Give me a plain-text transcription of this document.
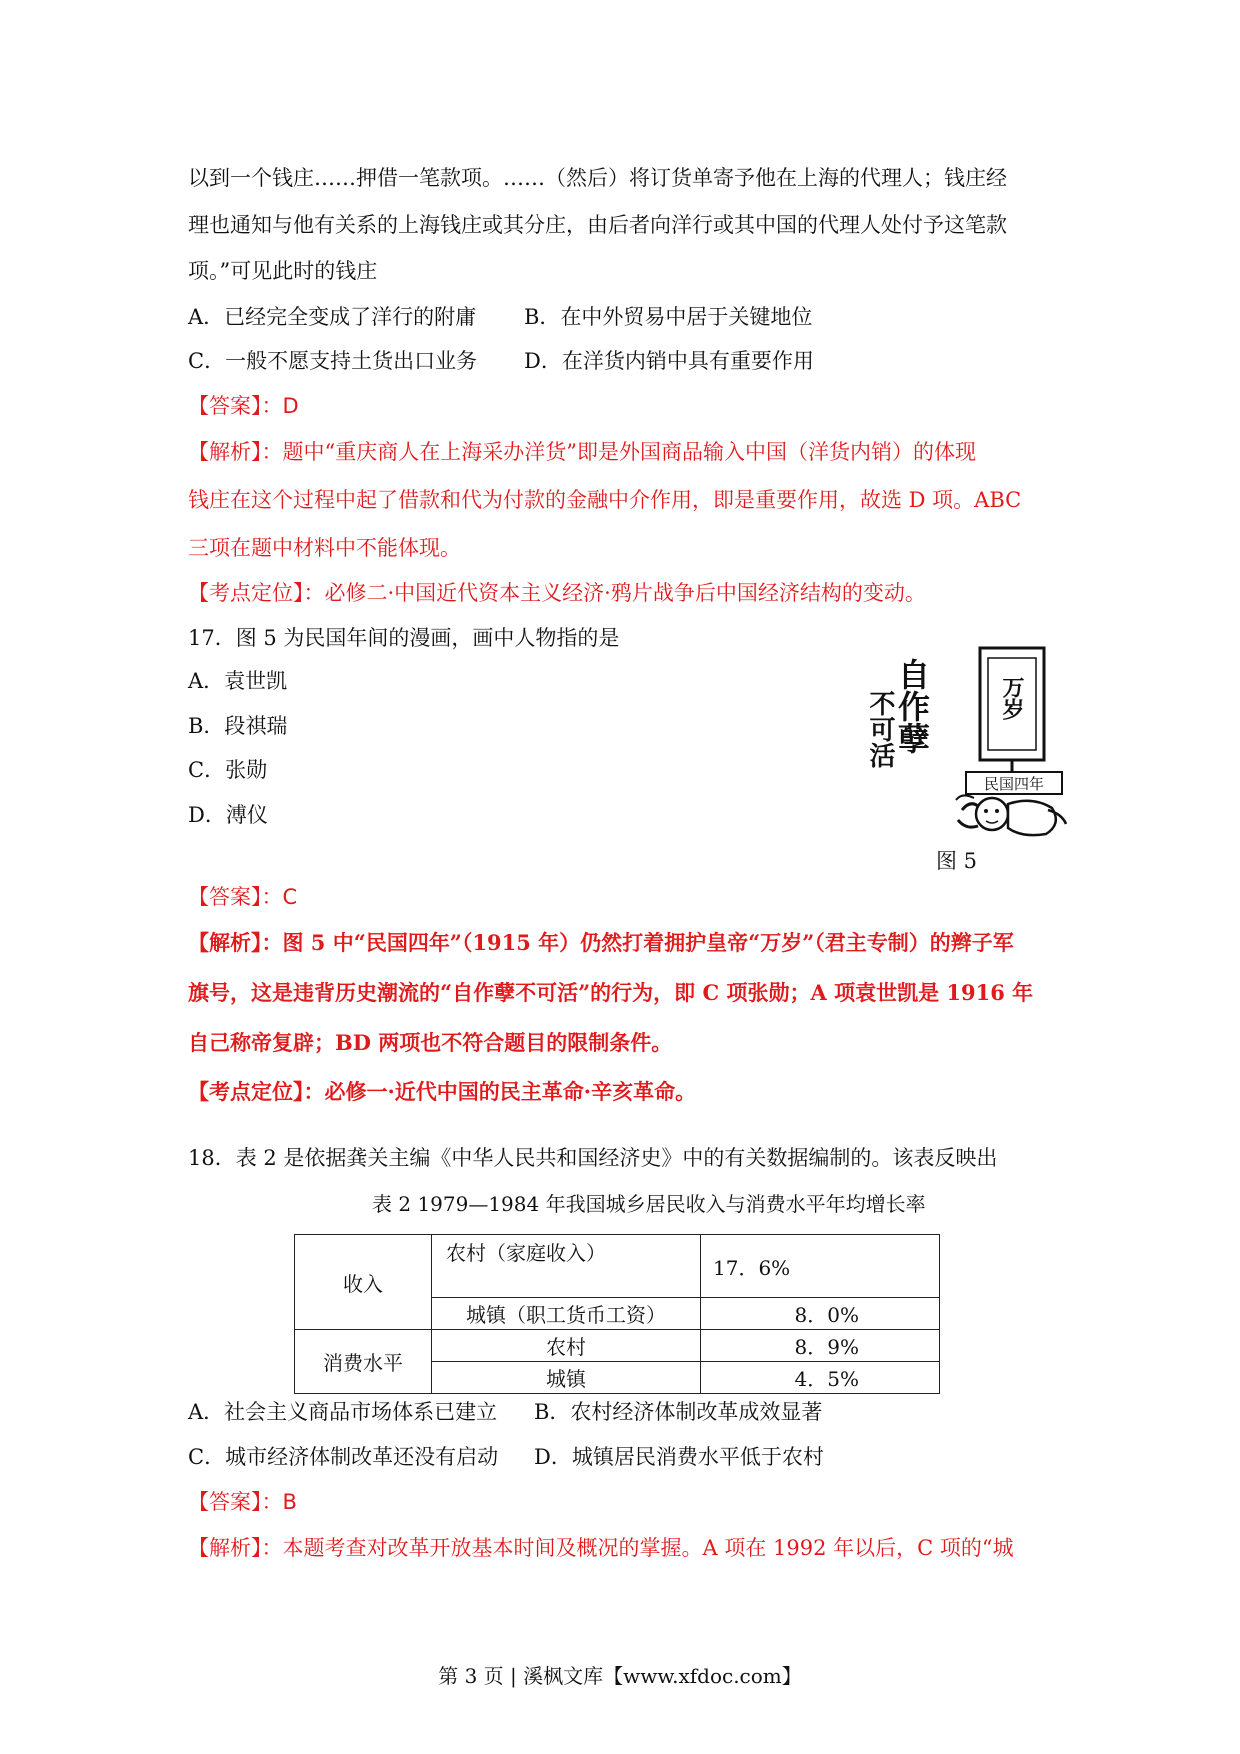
以到一个钱庄……押借一笔款项。……（然后）将订货单寄予他在上海的代理人；钱庄经
理也通知与他有关系的上海钱庄或其分庄，由后者向洋行或其中国的代理人处付予这笔款
项。”可见此时的钱庄
A．已经完全变成了洋行的附庸 B．在中外贸易中居于关键地位
C．一般不愿支持土货出口业务 D．在洋货内销中具有重要作用
【答案】：D
【解析】：题中“重庆商人在上海采办洋货”即是外国商品输入中国（洋货内销）的体现
钱庄在这个过程中起了借款和代为付款的金融中介作用，即是重要作用，故选 D 项。ABC
三项在题中材料中不能体现。
【考点定位】：必修二·中国近代资本主义经济·鸦片战争后中国经济结构的变动。
17．图 5 为民国年间的漫画，画中人物指的是
A．袁世凯
B．段祺瑞
C．张勋
D．溥仪
自作孽
不可活	万岁
民国四年
图 5
【答案】：C
【解析】：图 5 中“民国四年”（1915 年）仍然打着拥护皇帝“万岁”（君主专制）的辫子军
旗号，这是违背历史潮流的“自作孽不可活”的行为，即 C 项张勋；A 项袁世凯是 1916 年
自己称帝复辟；BD 两项也不符合题目的限制条件。
【考点定位】：必修一·近代中国的民主革命·辛亥革命。
18．表 2 是依据龚关主编《中华人民共和国经济史》中的有关数据编制的。该表反映出
表 2 1979—1984 年我国城乡居民收入与消费水平年均增长率
收入	农村（家庭收入）	17．6%
	城镇（职工货币工资）	8．0%
消费水平	农村	8．9%
	城镇	4．5%
A．社会主义商品市场体系已建立 B．农村经济体制改革成效显著
C．城市经济体制改革还没有启动 D．城镇居民消费水平低于农村
【答案】：B
【解析】：本题考查对改革开放基本时间及概况的掌握。A 项在 1992 年以后，C 项的“城
第 3 页 | 溪枫文库【www.xfdoc.com】
